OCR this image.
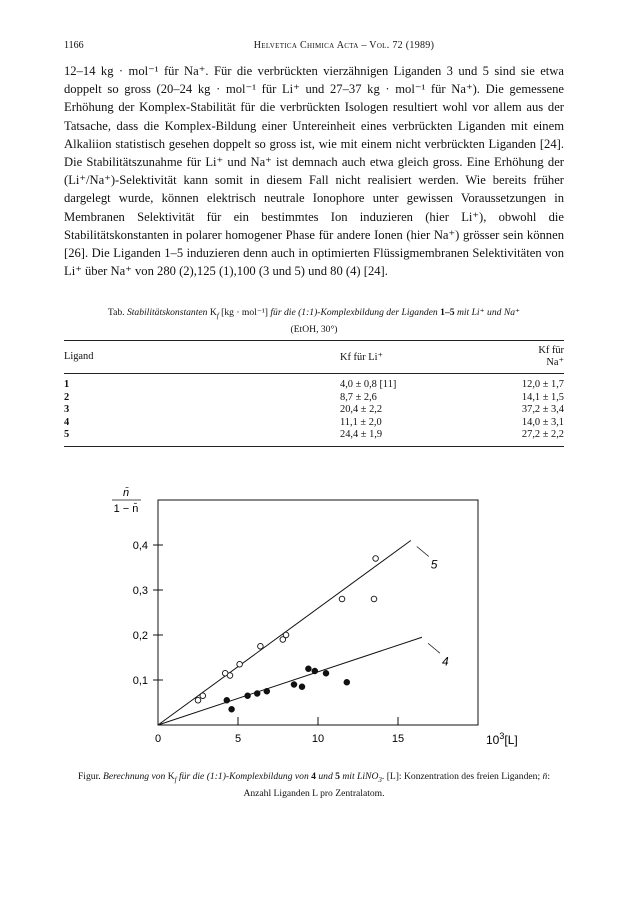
1166	Helvetica Chimica Acta – Vol. 72 (1989)

12–14 kg · mol⁻¹ für Na⁺. Für die verbrückten vierzähnigen Liganden 3 und 5 sind sie etwa doppelt so gross (20–24 kg · mol⁻¹ für Li⁺ und 27–37 kg · mol⁻¹ für Na⁺). Die gemessene Erhöhung der Komplex-Stabilität für die verbrückten Isologen resultiert wohl vor allem aus der Tatsache, dass die Komplex-Bildung einer Untereinheit eines verbrückten Liganden mit einem Alkaliion statistisch gesehen doppelt so gross ist, wie mit einem nicht verbrückten Liganden [24]. Die Stabilitätszunahme für Li⁺ und Na⁺ ist demnach auch etwa gleich gross. Eine Erhöhung der (Li⁺/Na⁺)-Selektivität kann somit in diesem Fall nicht realisiert werden. Wie bereits früher dargelegt wurde, können elektrisch neutrale Ionophore unter gewissen Voraussetzungen in Membranen Selektivität für ein bestimmtes Ion induzieren (hier Li⁺), obwohl die Stabilitätskonstanten in polarer homogener Phase für andere Ionen (hier Na⁺) grösser sein können [26]. Die Liganden 1–5 induzieren denn auch in optimierten Flüssigmembranen Selektivitäten von Li⁺ über Na⁺ von 280 (2),125 (1),100 (3 und 5) und 80 (4) [24].

Tab. Stabilitätskonstanten $K_f$ [kg · mol⁻¹] für die (1:1)-Komplexbildung der Liganden 1–5 mit Li⁺ und Na⁺
(EtOH, 30°)
Ligand	Kf für Li⁺	Kf für Na⁺
1	4,0 ± 0,8 [11]	12,0 ± 1,7
2	8,7 ± 2,6	14,1 ± 1,5
3	20,4 ± 2,2	37,2 ± 3,4
4	11,1 ± 2,0	14,0 ± 3,1
5	24,4 ± 1,9	27,2 ± 2,2
0	5	10	15
0,1
0,2
0,3
0,4
n̄
1 − n̄
$10^3[L]$
5
4
Figur. Berechnung von $K_f$ für die (1:1)-Komplexbildung von 4 und 5 mit LiNO$_3$. [L]: Konzentration des freien Liganden; n̄: Anzahl Liganden L pro Zentralatom.
